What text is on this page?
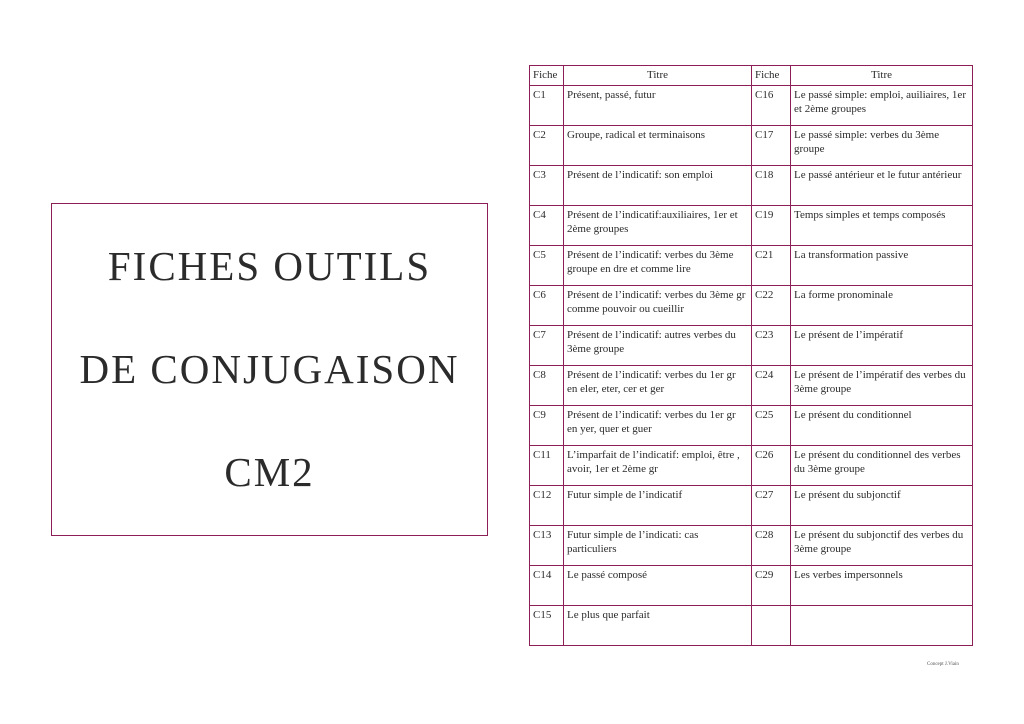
FICHES OUTILS

DE CONJUGAISON

CM2

Fiche	Titre	Fiche	Titre
C1	Présent, passé, futur	C16	Le passé simple: emploi, auiliaires, 1er et 2ème groupes
C2	Groupe, radical et terminaisons	C17	Le passé simple: verbes du 3ème groupe
C3	Présent de l’indicatif: son emploi	C18	Le passé antérieur et le futur antérieur
C4	Présent de l’indicatif:auxiliaires, 1er et 2ème groupes	C19	Temps simples et temps composés
C5	Présent de l’indicatif: verbes du 3ème groupe en dre et comme lire	C21	La transformation passive
C6	Présent de l’indicatif: verbes du 3ème gr comme pouvoir ou cueillir	C22	La forme pronominale
C7	Présent de l’indicatif: autres verbes du 3ème groupe	C23	Le présent de l’impératif
C8	Présent de l’indicatif: verbes du 1er gr en eler, eter, cer et ger	C24	Le présent de l’impératif des verbes du 3ème groupe
C9	Présent de l’indicatif: verbes du 1er gr en yer, quer et guer	C25	Le présent du conditionnel
C11	L’imparfait de l’indicatif: emploi, être , avoir, 1er et 2ème gr	C26	Le présent du conditionnel des verbes du 3ème groupe
C12	Futur simple de l’indicatif	C27	Le présent du subjonctif
C13	Futur simple de l’indicati: cas particuliers	C28	Le présent du subjonctif des verbes du 3ème groupe
C14	Le passé composé	C29	Les verbes impersonnels
C15	Le plus que parfait		
Concept J.Viain
